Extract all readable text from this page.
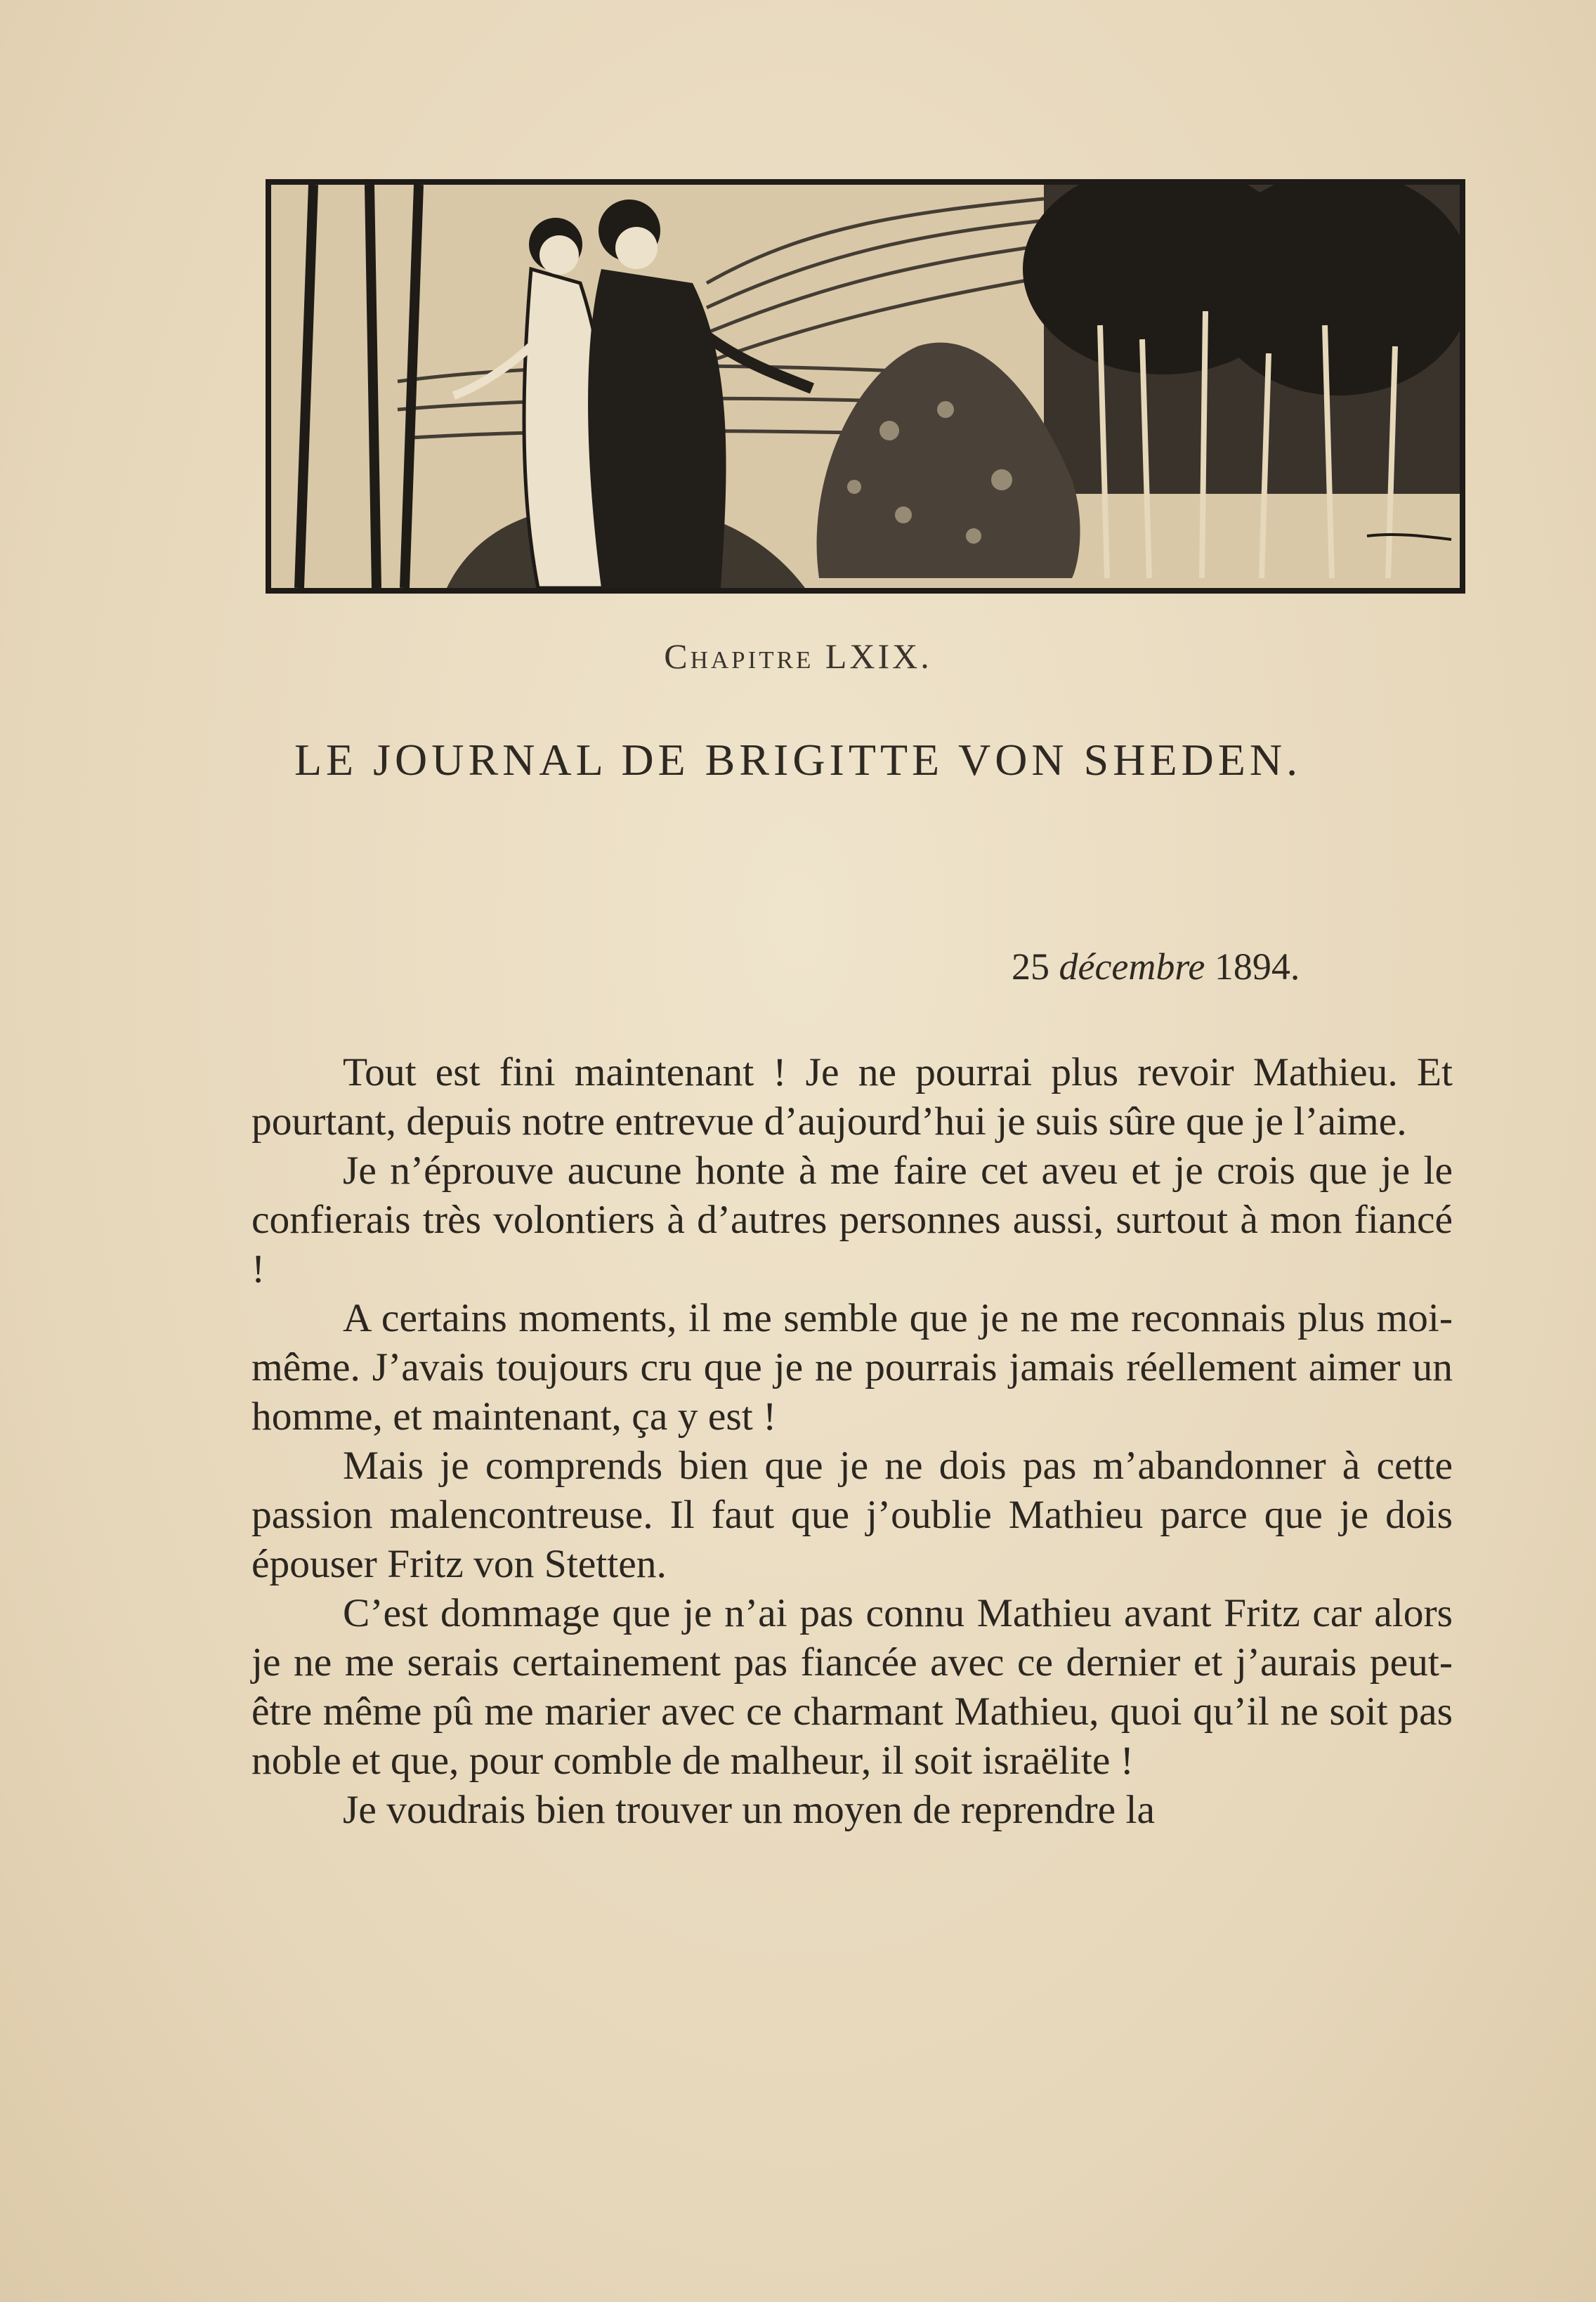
Chapitre LXIX.
LE JOURNAL DE BRIGITTE VON SHEDEN.
25 décembre 1894.

Tout est fini maintenant ! Je ne pourrai plus revoir Mathieu. Et pourtant, depuis notre entrevue d’aujourd’hui je suis sûre que je l’aime.

Je n’éprouve aucune honte à me faire cet aveu et je crois que je le confierais très volontiers à d’autres personnes aussi, surtout à mon fiancé !

A certains moments, il me semble que je ne me reconnais plus moi-même. J’avais toujours cru que je ne pourrais jamais réellement aimer un homme, et maintenant, ça y est !

Mais je comprends bien que je ne dois pas m’abandonner à cette passion malencontreuse. Il faut que j’oublie Mathieu parce que je dois épouser Fritz von Stetten.

C’est dommage que je n’ai pas connu Mathieu avant Fritz car alors je ne me serais certainement pas fiancée avec ce dernier et j’aurais peut-être même pû me marier avec ce charmant Mathieu, quoi qu’il ne soit pas noble et que, pour comble de malheur, il soit israëlite !

Je voudrais bien trouver un moyen de reprendre la
